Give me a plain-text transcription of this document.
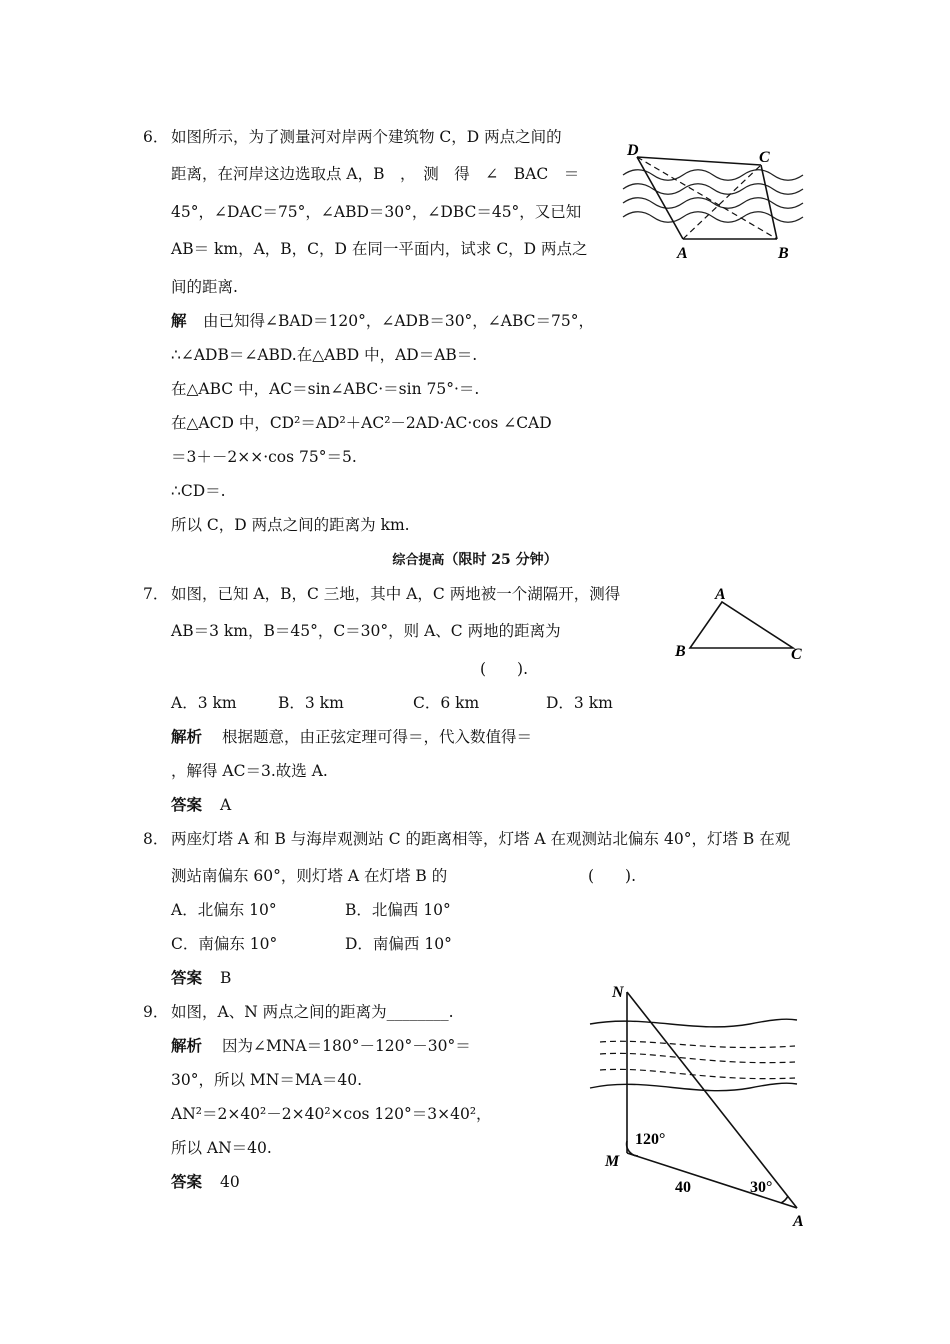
6． 如图所示，为了测量河对岸两个建筑物 C，D 两点之间的
距离，在河岸这边选取点 A，B　，　测　得　∠　BAC　＝
45°，∠DAC＝75°，∠ABD＝30°，∠DBC＝45°，又已知
AB＝ km，A，B，C，D 在同一平面内，试求 C，D 两点之
间的距离.
解 由已知得∠BAD＝120°，∠ADB＝30°，∠ABC＝75°，
∴∠ADB＝∠ABD.在△ABD 中，AD＝AB＝.
在△ABC 中，AC＝sin∠ABC·＝sin 75°·＝.
在△ACD 中，CD²＝AD²＋AC²－2AD·AC·cos ∠CAD
＝3＋－2××·cos 75°＝5.
∴CD＝.
所以 C，D 两点之间的距离为 km.
D	C
A	B
综合提高（限时 25 分钟）
7． 如图，已知 A，B，C 三地，其中 A，C 两地被一个湖隔开，测得
AB＝3 km，B＝45°，C＝30°，则 A、C 两地的距离为
(　　).
A．3 km	B．3 km	C．6 km	D．3 km
解析 根据题意，由正弦定理可得＝，代入数值得＝
，解得 AC＝3.故选 A.
答案 A
A
B	C
8． 两座灯塔 A 和 B 与海岸观测站 C 的距离相等，灯塔 A 在观测站北偏东 40°，灯塔 B 在观
测站南偏东 60°，则灯塔 A 在灯塔 B 的	(　　).
A．北偏东 10°	B．北偏西 10°
C．南偏东 10°	D．南偏西 10°
答案 B
9． 如图，A、N 两点之间的距离为________.
解析 因为∠MNA＝180°－120°－30°＝
30°，所以 MN＝MA＝40.
AN²＝2×40²－2×40²×cos 120°＝3×40²，
所以 AN＝40.
答案 40
N
M
A
120°
30°
40
